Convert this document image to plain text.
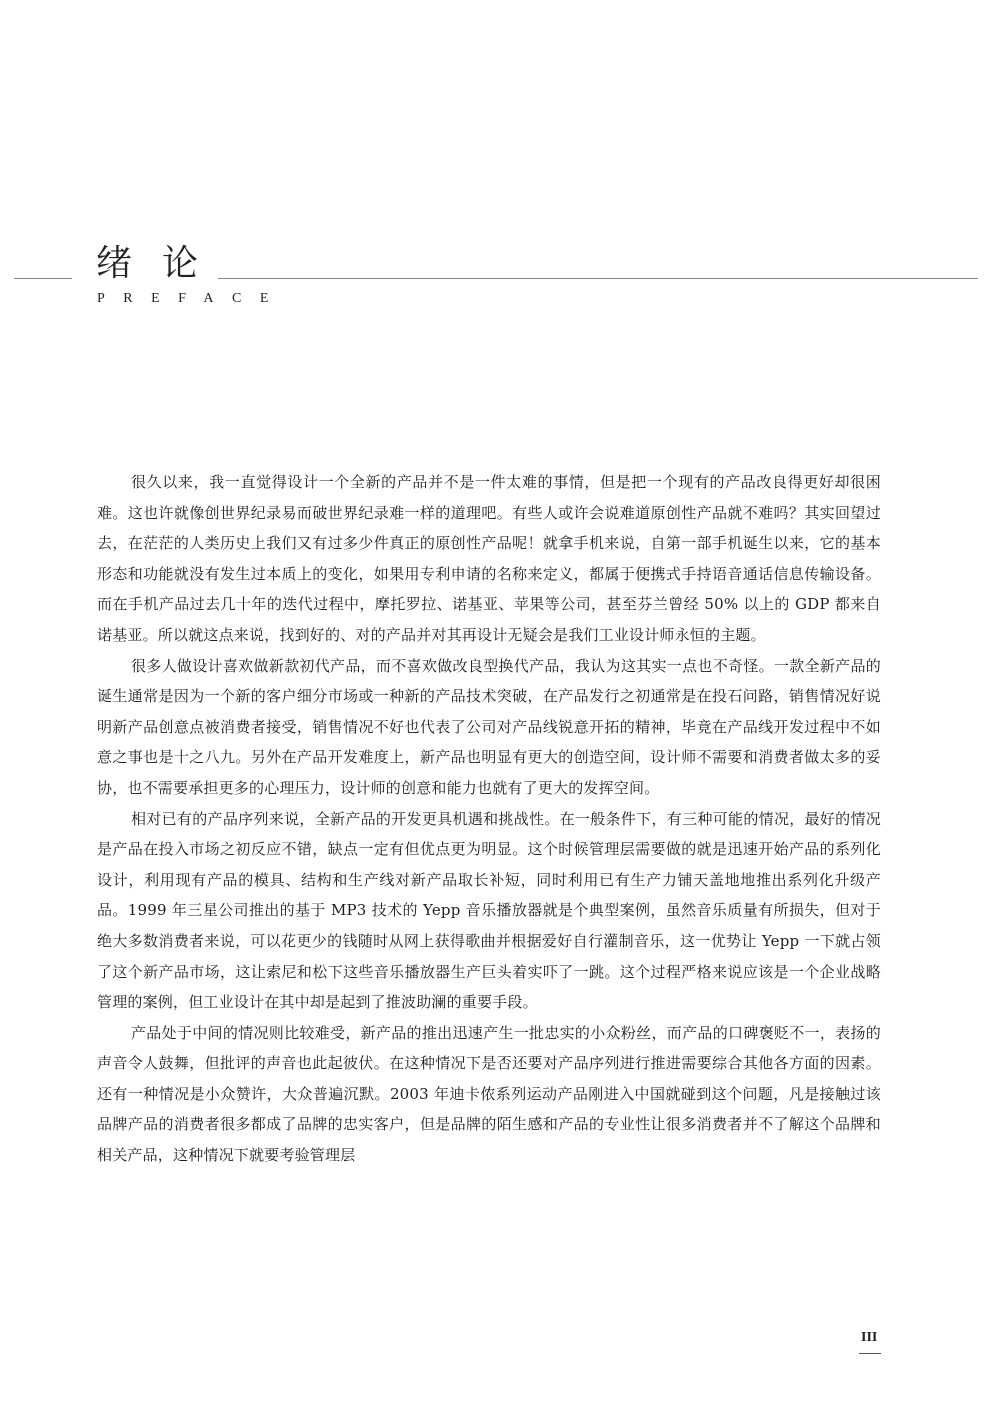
绪论
PREFACE

很久以来，我一直觉得设计一个全新的产品并不是一件太难的事情，但是把一个现有的产品改良得更好却很困难。这也许就像创世界纪录易而破世界纪录难一样的道理吧。有些人或许会说难道原创性产品就不难吗？其实回望过去，在茫茫的人类历史上我们又有过多少件真正的原创性产品呢！就拿手机来说，自第一部手机诞生以来，它的基本形态和功能就没有发生过本质上的变化，如果用专利申请的名称来定义，都属于便携式手持语音通话信息传输设备。而在手机产品过去几十年的迭代过程中，摩托罗拉、诺基亚、苹果等公司，甚至芬兰曾经 50% 以上的 GDP 都来自诺基亚。所以就这点来说，找到好的、对的产品并对其再设计无疑会是我们工业设计师永恒的主题。

很多人做设计喜欢做新款初代产品，而不喜欢做改良型换代产品，我认为这其实一点也不奇怪。一款全新产品的诞生通常是因为一个新的客户细分市场或一种新的产品技术突破，在产品发行之初通常是在投石问路，销售情况好说明新产品创意点被消费者接受，销售情况不好也代表了公司对产品线锐意开拓的精神，毕竟在产品线开发过程中不如意之事也是十之八九。另外在产品开发难度上，新产品也明显有更大的创造空间，设计师不需要和消费者做太多的妥协，也不需要承担更多的心理压力，设计师的创意和能力也就有了更大的发挥空间。

相对已有的产品序列来说，全新产品的开发更具机遇和挑战性。在一般条件下，有三种可能的情况，最好的情况是产品在投入市场之初反应不错，缺点一定有但优点更为明显。这个时候管理层需要做的就是迅速开始产品的系列化设计，利用现有产品的模具、结构和生产线对新产品取长补短，同时利用已有生产力铺天盖地地推出系列化升级产品。1999 年三星公司推出的基于 MP3 技术的 Yepp 音乐播放器就是个典型案例，虽然音乐质量有所损失，但对于绝大多数消费者来说，可以花更少的钱随时从网上获得歌曲并根据爱好自行灌制音乐，这一优势让 Yepp 一下就占领了这个新产品市场，这让索尼和松下这些音乐播放器生产巨头着实吓了一跳。这个过程严格来说应该是一个企业战略管理的案例，但工业设计在其中却是起到了推波助澜的重要手段。

产品处于中间的情况则比较难受，新产品的推出迅速产生一批忠实的小众粉丝，而产品的口碑褒贬不一，表扬的声音令人鼓舞，但批评的声音也此起彼伏。在这种情况下是否还要对产品序列进行推进需要综合其他各方面的因素。还有一种情况是小众赞许，大众普遍沉默。2003 年迪卡侬系列运动产品刚进入中国就碰到这个问题，凡是接触过该品牌产品的消费者很多都成了品牌的忠实客户，但是品牌的陌生感和产品的专业性让很多消费者并不了解这个品牌和相关产品，这种情况下就要考验管理层

III
